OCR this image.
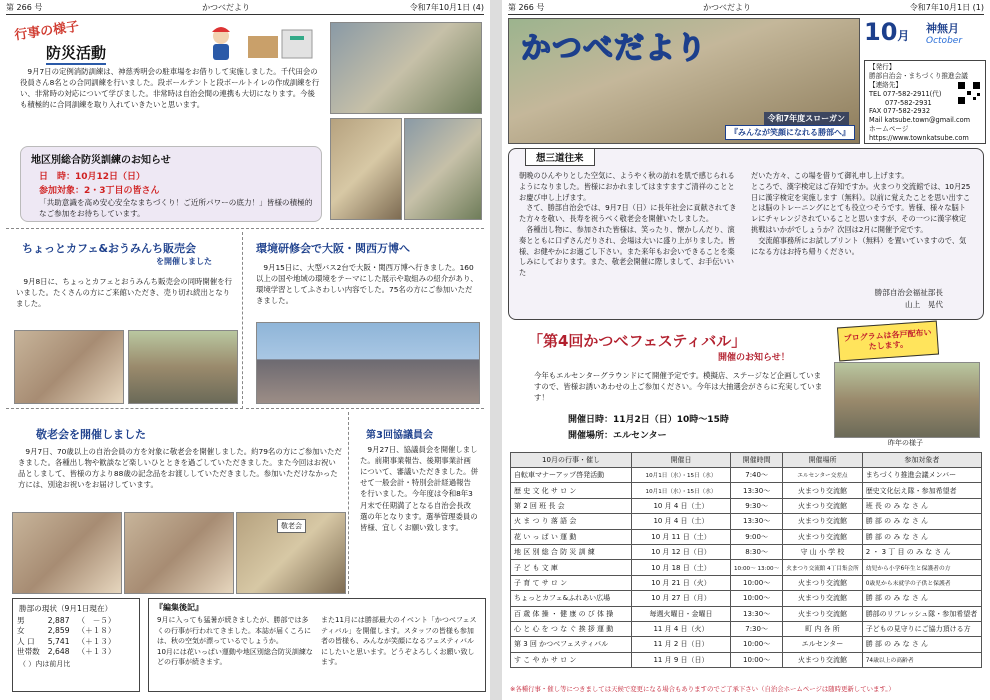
第 266 号	かつべだより	令和7年10月1日 (4)
行事の様子
防災活動
9月7日の定例消防訓練は、神慈秀明会の駐車場をお借りして実施しました。千代田会の役員さん8名との合同訓練を行いました。段ボールテントと段ボールトイレの作成訓練を行い、非常時の対応について学びました。非常時は自治会間の連携も大切になります。今後も積極的に合同訓練を取り入れていきたいと思います。
地区別総合防災訓練のお知らせ
日　時：10月12日（日）
参加対象：2・3丁目の皆さん
「共助意識を高め安心安全なまちづくり！ご近所パワーの底力！」皆様の積極的なご参加をお待ちしています。
ちょっとカフェ&おうみんち販売会
を開催しました
9月8日に、ちょっとカフェとおうみんち販売会の同時開催を行いました。たくさんの方にご来館いただき、売り切れ続出となりました。
環境研修会で大阪・関西万博へ
9月15日に、大型バス2台で大阪・関西万博へ行きました。160以上の国や地域の環境をテーマにした展示や取組みの紹介があり、環境学習としてふさわしい内容でした。75名の方にご参加いただきました。
敬老会を開催しました
9月7日、70歳以上の自治会員の方を対象に敬老会を開催しました。約79名の方にご参加いただきました。各種出し物や歓談など楽しいひとときを過ごしていただきました。また今回はお祝い品としまして、皆様の方より88歳の記念品をお渡ししていただきました。参加いただけなかった方には、別途お祝いをお届けしています。
敬老会
第3回協議員会
9月27日、協議員会を開催しました。前期事業報告、後期事業計画について、審議いただきました。併せて一般会計・特別会計経過報告を行いました。今年度は令和8年3月末で任期満了となる自治会長改選の年となります。選挙管理委員の皆様、宜しくお願い致します。
勝部の現状（9月1日現在）
男	2,887	（　－５）
女	2,859	（＋１８）
人 口	5,741	（＋１３）
世帯数	2,648	（＋１３）
（ ）内は前月比
『編集後記』
9月に入っても猛暑が続きましたが、勝部では多くの行事が行われてきました。本誌が届くころには、秋の空気が漂っているでしょうか。
10月には花いっぱい運動や地区別総合防災訓練などの行事が続きます。
また11月には勝部最大のイベント「かつべフェスティバル」を開催します。スタッフの皆様も参加者の皆様も、みんなが笑顔になるフェスティバルにしたいと思います。どうぞよろしくお願い致します。
第 266 号	かつべだより	令和7年10月1日 (1)
かつべだより
令和7年度スローガン
『みんなが笑顔になれる勝部へ』
10月
神無月
October
【発行】
勝部自治会・まちづくり推進会議
【連絡先】
TEL 077-582-2911(代)
077-582-2931
FAX 077-582-2932
Mail katsube.town@gmail.com
ホームページ
https://www.townkatsube.com
想三道往来
朝晩のひんやりとした空気に、ようやく秋の訪れを肌で感じられるようになりました。皆様におかれましてはますますご清祥のこととお慶び申し上げます。
　さて、勝部自治会では、9月7日（日）に長年社会に貢献されてきた方々を敬い、長寿を祝うべく敬老会を開催いたしました。
　各種出し物に、参加された皆様は、笑ったり、懐かしんだり、演奏とともに口ずさんだりされ、会場は大いに盛り上がりました。皆様、お健やかにお過ごし下さい。また来年もお会いできることを楽しみにしております。また、敬老会開催に際しまして、お手伝いいた
だいた方々、この場を借りて御礼申し上げます。
ところで、漢字検定はご存知ですか。火まつり交流館では、10月25日に漢字検定を実施します（無料）。以前に覚えたことを思い出すことは脳のトレーニングにとても役立つそうです。皆様、様々な脳トレにチャレンジされていることと思いますが、その一つに漢字検定挑戦はいかがでしょうか？次回は2月に開催予定です。
　交流館事務所にお試しプリント（無料）を置いていますので、気になる方はお持ち帰りください。
勝部自治会福祉部長
山上　晃代
「第4回かつべフェスティバル」
開催のお知らせ！
プログラムは各戸配布いたします。
今年もエルセンターグラウンドにて開催予定です。模擬店、ステージなど企画していますので、皆様お誘いあわせの上ご参加ください。今年は大抽選会がさらに充実しています！
開催日時：11月2日（日）10時～15時
開催場所：エルセンター
昨年の様子
10月の行事・催し	開催日	開催時間	開催場所	参加対象者
自転車マナーアップ啓発活動	10月1日（水）・15日（水）	7:40～	エルセンター交差点	まちづくり推進会議メンバー
歴 史 文 化 サ ロ ン	10月1日（水）・15日（水）	13:30～	火まつり交流館	歴史文化伝え隊・参加希望者
第 2 回 班 長 会	10 月 4 日（土）	9:30～	火まつり交流館	班 長 の み な さ ん
火 ま つ り 落 語 会	10 月 4 日（土）	13:30～	火まつり交流館	勝 部 の み な さ ん
花 い っ ぱ い 運 動	10 月 11 日（土）	9:00～	火まつり交流館	勝 部 の み な さ ん
地 区 別 総 合 防 災 訓 練	10 月 12 日（日）	8:30～	守 山 小 学 校	2 ・ 3 丁 目 の み な さ ん
子 ど も 文 庫	10 月 18 日（土）	10:00～ 13:00～	火まつり交流館 4丁目集会所	幼児から小学6年生と保護者の方
子 育 て サ ロ ン	10 月 21 日（火）	10:00～	火まつり交流館	0歳児から未就学の子供と保護者
ちょっとカフェ&ふれあい広場	10 月 27 日（月）	10:00～	火まつり交流館	勝 部 の み な さ ん
百 歳 体 操 ・ 健 康 の び 体 操	毎週火曜日・金曜日	13:30～	火まつり交流館	勝部のリフレッシュ隊・参加希望者
心 と 心 を つ な ぐ 挨 拶 運 動	11 月 4 日（火）	7:30～	町 内 各 所	子どもの見守りにご協力頂ける方
第 3 回 かつべフェスティバル	11 月 2 日（日）	10:00～	エルセンター	勝 部 の み な さ ん
す こ や か サ ロ ン	11 月 9 日（日）	10:00～	火まつり交流館	74歳以上の高齢者
※各種行事・催し等につきましては天候で変更になる場合もありますのでご了承下さい（自治会ホームページは随時更新しています。）
